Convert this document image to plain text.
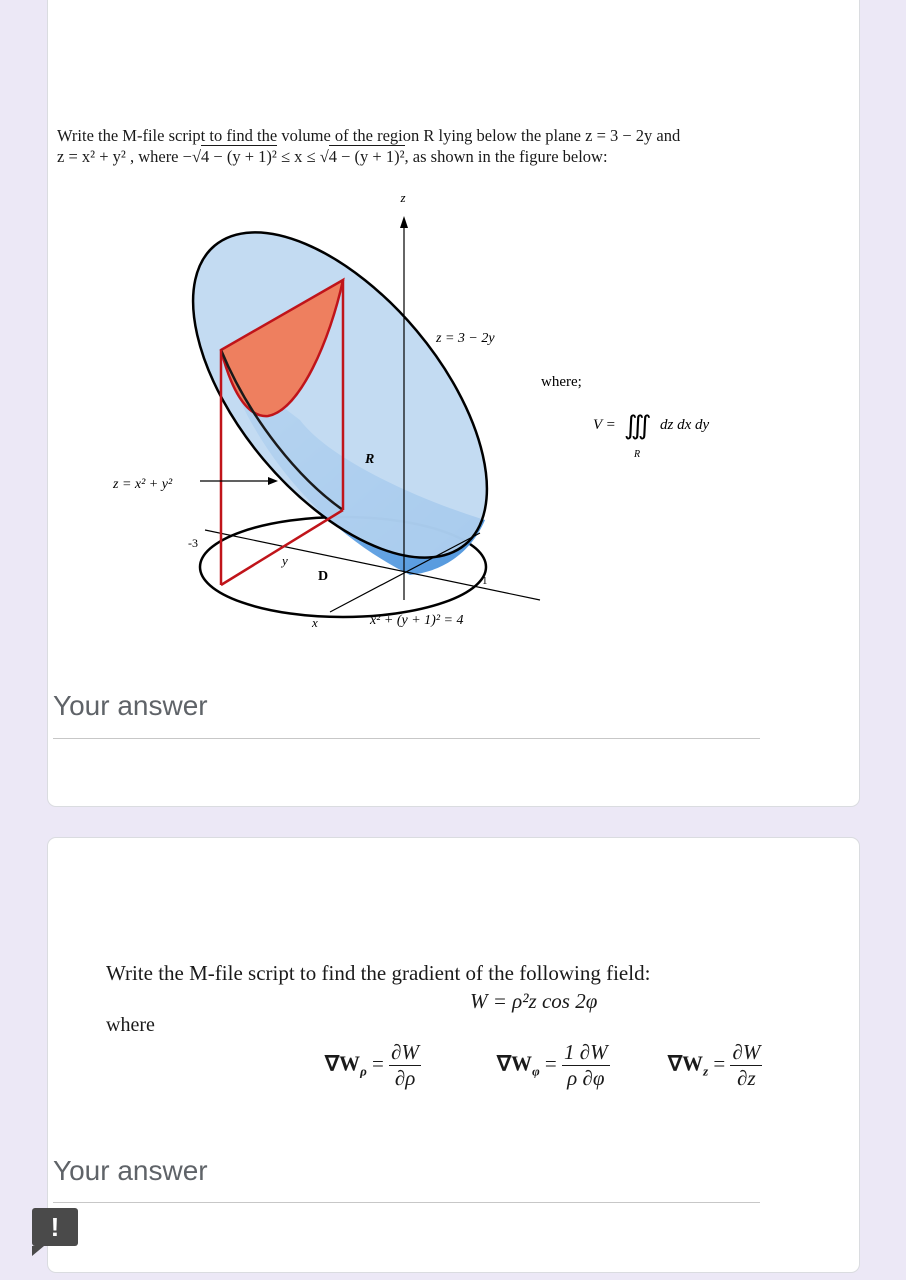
Write the M-file script to find the volume of the region R lying below the plane z = 3 − 2y and
z = x² + y² , where −√4 − (y + 1)² ≤ x ≤ √4 − (y + 1)², as shown in the figure below:
z
z = 3 − 2y
R
z = x² + y²
-3
y
D	1
x	x² + (y + 1)² = 4
where;
V = ∭ dz dx dy
R
Your answer
Write the M-file script to find the gradient of the following field:
W = ρ²z cos 2φ
where
$\nabla W_\rho = \frac{\partial W}{\partial\rho}$	$\nabla W_\varphi = \frac{1 \partial W}{\rho \partial\varphi}$	$\nabla W_z = \frac{\partial W}{\partial z}$
Your answer
!
